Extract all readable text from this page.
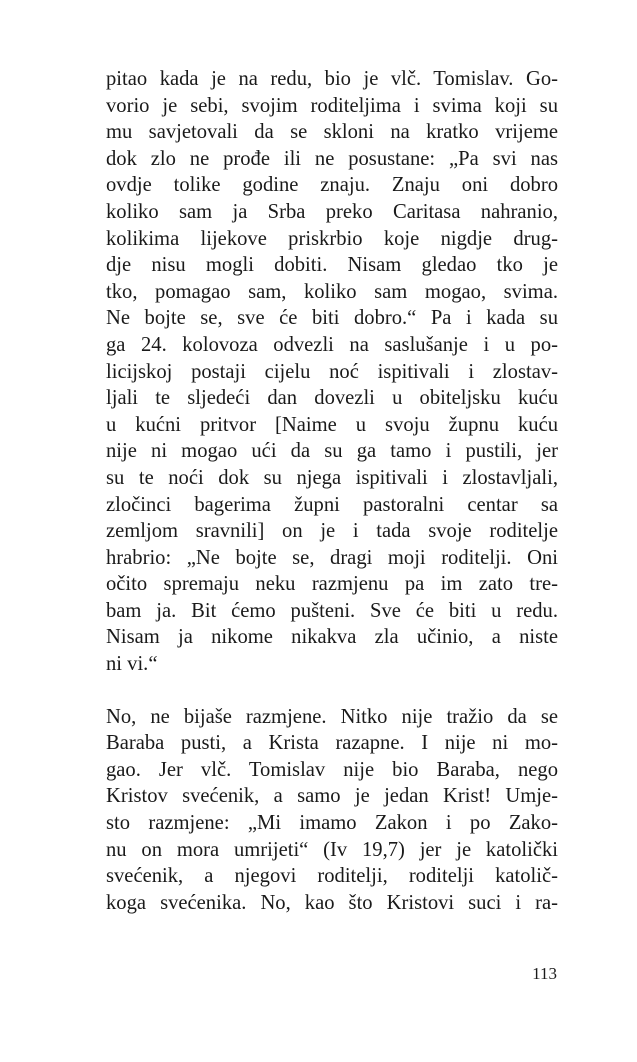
pitao kada je na redu, bio je vlč. Tomislav. Go-
vorio je sebi, svojim roditeljima i svima koji su
mu savjetovali da se skloni na kratko vrijeme
dok zlo ne prođe ili ne posustane: „Pa svi nas
ovdje tolike godine znaju. Znaju oni dobro
koliko sam ja Srba preko Caritasa nahranio,
kolikima lijekove priskrbio koje nigdje drug-
dje nisu mogli dobiti. Nisam gledao tko je
tko, pomagao sam, koliko sam mogao, svima.
Ne bojte se, sve će biti dobro.“ Pa i kada su
ga 24. kolovoza odvezli na saslušanje i u po-
licijskoj postaji cijelu noć ispitivali i zlostav-
ljali te sljedeći dan dovezli u obiteljsku kuću
u kućni pritvor [Naime u svoju župnu kuću
nije ni mogao ući da su ga tamo i pustili, jer
su te noći dok su njega ispitivali i zlostavljali,
zločinci bagerima župni pastoralni centar sa
zemljom sravnili] on je i tada svoje roditelje
hrabrio: „Ne bojte se, dragi moji roditelji. Oni
očito spremaju neku razmjenu pa im zato tre-
bam ja. Bit ćemo pušteni. Sve će biti u redu.
Nisam ja nikome nikakva zla učinio, a niste
ni vi.“
No, ne bijaše razmjene. Nitko nije tražio da se
Baraba pusti, a Krista razapne. I nije ni mo-
gao. Jer vlč. Tomislav nije bio Baraba, nego
Kristov svećenik, a samo je jedan Krist! Umje-
sto razmjene: „Mi imamo Zakon i po Zako-
nu on mora umrijeti“ (Iv 19,7) jer je katolički
svećenik, a njegovi roditelji, roditelji katolič-
koga svećenika. No, kao što Kristovi suci i ra-
113
